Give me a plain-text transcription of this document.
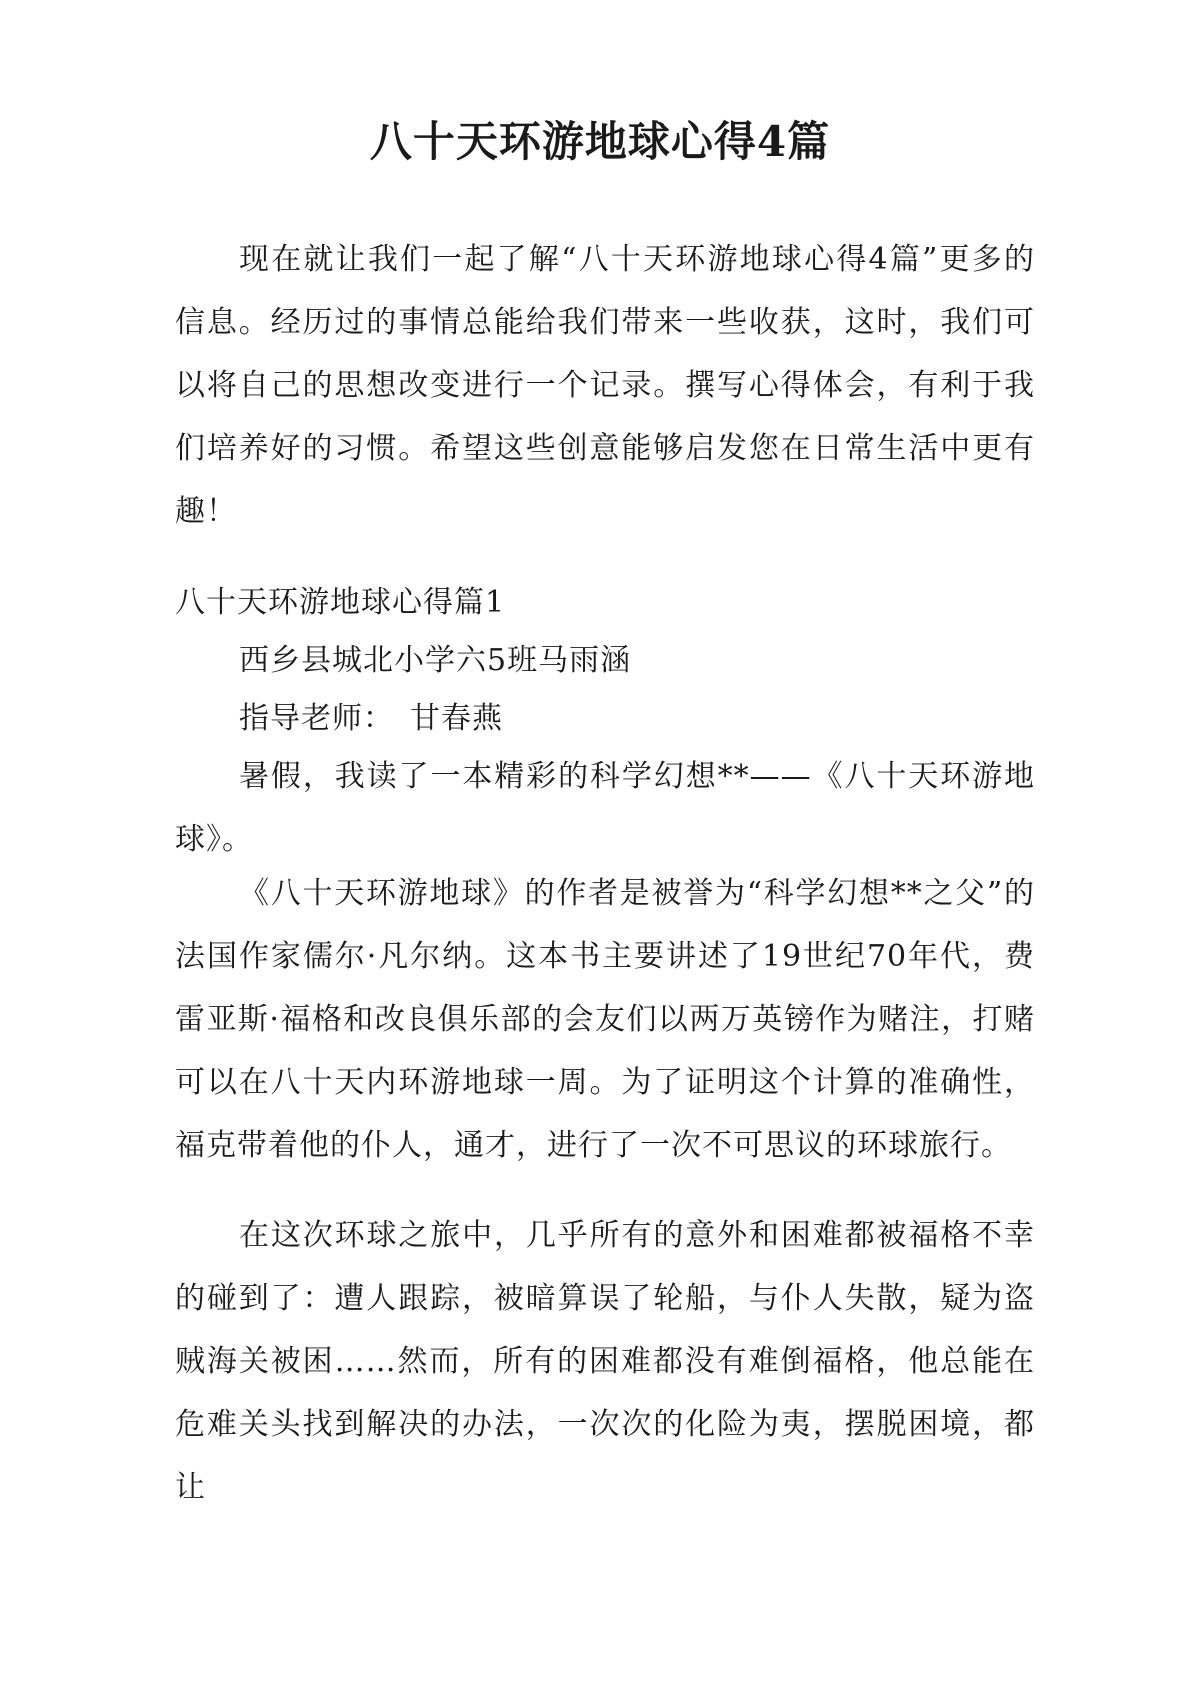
八十天环游地球心得4篇

现在就让我们一起了解“八十天环游地球心得4篇”更多的信息。经历过的事情总能给我们带来一些收获，这时，我们可以将自己的思想改变进行一个记录。撰写心得体会，有利于我们培养好的习惯。希望这些创意能够启发您在日常生活中更有趣！

八十天环游地球心得篇1

西乡县城北小学六5班马雨涵

指导老师：　甘春燕

暑假，我读了一本精彩的科学幻想**——《八十天环游地球》。

《八十天环游地球》的作者是被誉为“科学幻想**之父”的法国作家儒尔·凡尔纳。这本书主要讲述了19世纪70年代，费雷亚斯·福格和改良俱乐部的会友们以两万英镑作为赌注，打赌可以在八十天内环游地球一周。为了证明这个计算的准确性，福克带着他的仆人，通才，进行了一次不可思议的环球旅行。

在这次环球之旅中，几乎所有的意外和困难都被福格不幸的碰到了：遭人跟踪，被暗算误了轮船，与仆人失散，疑为盗贼海关被困……然而，所有的困难都没有难倒福格，他总能在危难关头找到解决的办法，一次次的化险为夷，摆脱困境，都让
